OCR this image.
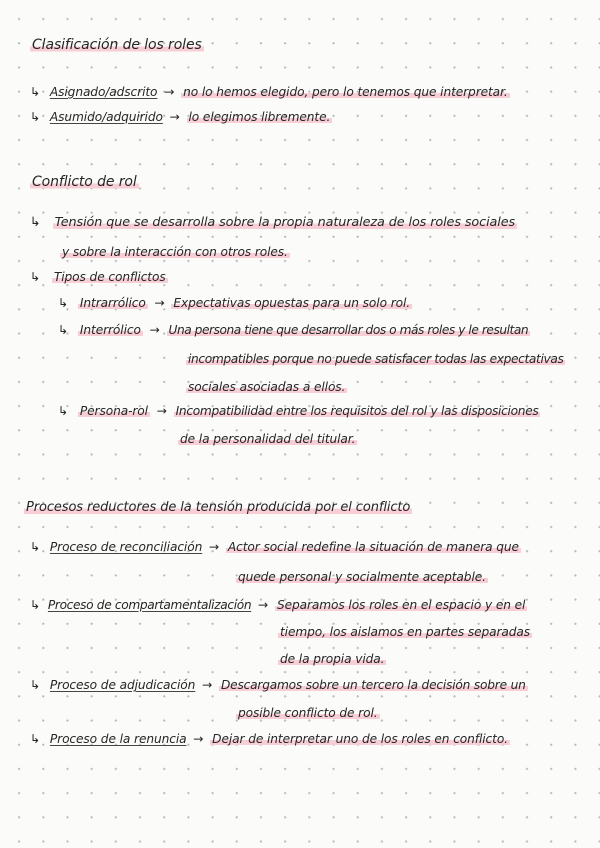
Clasificación de los roles
↳ Asignado/adscrito → no lo hemos elegido, pero lo tenemos que interpretar.
↳ Asumido/adquirido → lo elegimos libremente.
Conflicto de rol
↳ Tensión que se desarrolla sobre la propia naturaleza de los roles sociales
y sobre la interacción con otros roles.
↳ Tipos de conflictos
↳ Intrarrólico → Expectativas opuestas para un solo rol.
↳ Interrólico → Una persona tiene que desarrollar dos o más roles y le resultan
incompatibles porque no puede satisfacer todas las expectativas
sociales asociadas a ellos.
↳ Persona-rol → Incompatibilidad entre los requisitos del rol y las disposiciones
de la personalidad del titular.
Procesos reductores de la tensión producida por el conflicto
↳ Proceso de reconciliación → Actor social redefine la situación de manera que
quede personal y socialmente aceptable.
↳ Proceso de compartamentalización → Separamos los roles en el espacio y en el
tiempo, los aislamos en partes separadas
de la propia vida.
↳ Proceso de adjudicación → Descargamos sobre un tercero la decisión sobre un
posible conflicto de rol.
↳ Proceso de la renuncia → Dejar de interpretar uno de los roles en conflicto.
